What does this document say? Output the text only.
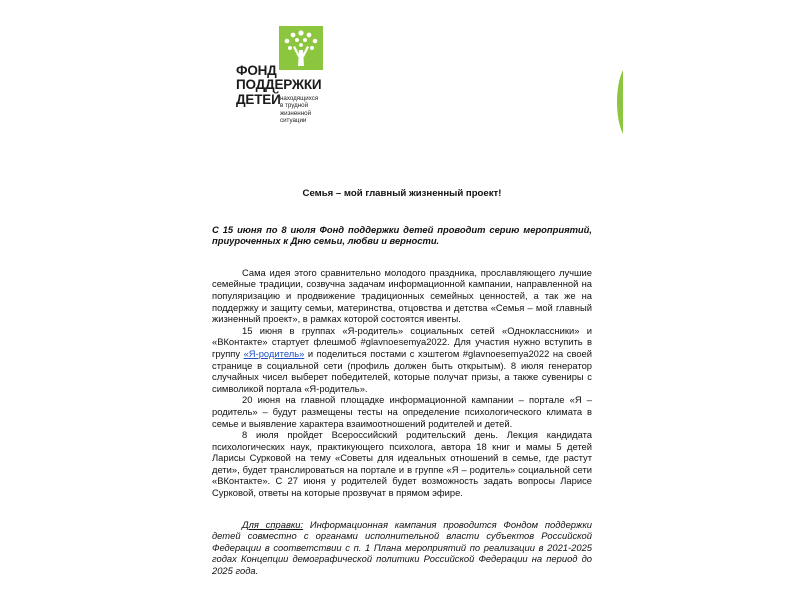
ФОНД

ПОДДЕРЖКИ

ДЕТЕЙ находящихся
в трудной
жизненной
ситуации

Семья – мой главный жизненный проект!

С 15 июня по 8 июля Фонд поддержки детей проводит серию мероприятий, приуроченных к Дню семьи, любви и верности.

Сама идея этого сравнительно молодого праздника, прославляющего лучшие семейные традиции, созвучна задачам информационной кампании, направленной на популяризацию и продвижение традиционных семейных ценностей, а так же на поддержку и защиту семьи, материнства, отцовства и детства «Семья – мой главный жизненный проект», в рамках которой состоятся ивенты.

15 июня в группах «Я-родитель» социальных сетей «Одноклассники» и «ВКонтакте» стартует флешмоб #glavnoesemya2022. Для участия нужно вступить в группу «Я-родитель» и поделиться постами с хэштегом #glavnoesemya2022 на своей странице в социальной сети (профиль должен быть открытым). 8 июля генератор случайных чисел выберет победителей, которые получат призы, а также сувениры с символикой портала «Я-родитель».

20 июня на главной площадке информационной кампании – портале «Я – родитель» – будут размещены тесты на определение психологического климата в семье и выявление характера взаимоотношений родителей и детей.

8 июля пройдет Всероссийский родительский день. Лекция кандидата психологических наук, практикующего психолога, автора 18 книг и мамы 5 детей Ларисы Сурковой на тему «Советы для идеальных отношений в семье, где растут дети», будет транслироваться на портале и в группе «Я – родитель» социальной сети «ВКонтакте». С 27 июня у родителей будет возможность задать вопросы Ларисе Сурковой, ответы на которые прозвучат в прямом эфире.

Для справки: Информационная кампания проводится Фондом поддержки детей совместно с органами исполнительной власти субъектов Российской Федерации в соответствии с п. 1 Плана мероприятий по реализации в 2021-2025 годах Концепции демографической политики Российской Федерации на период до 2025 года.
